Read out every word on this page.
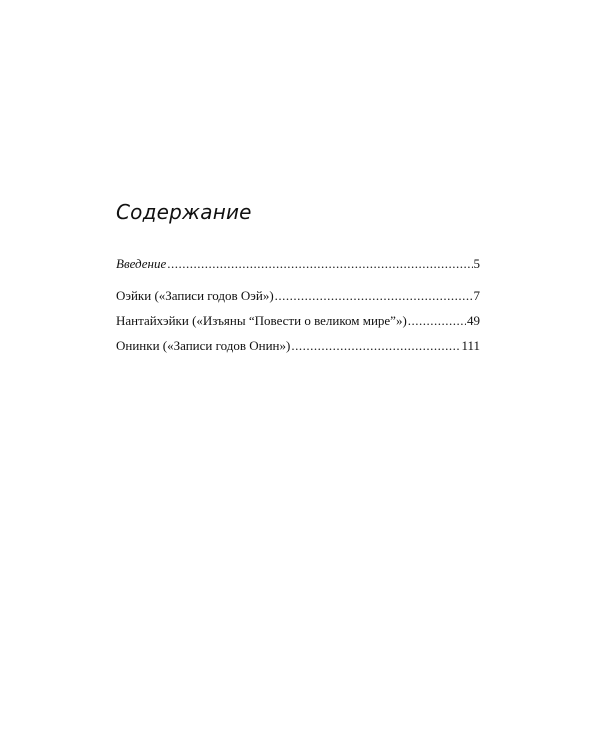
Содержание
Введение .....	5
Оэйки («Записи годов Оэй») .....	7
Нантайхэйки («Изъяны “Повести о великом мире”») .....	49
Онинки («Записи годов Онин») .....	111
